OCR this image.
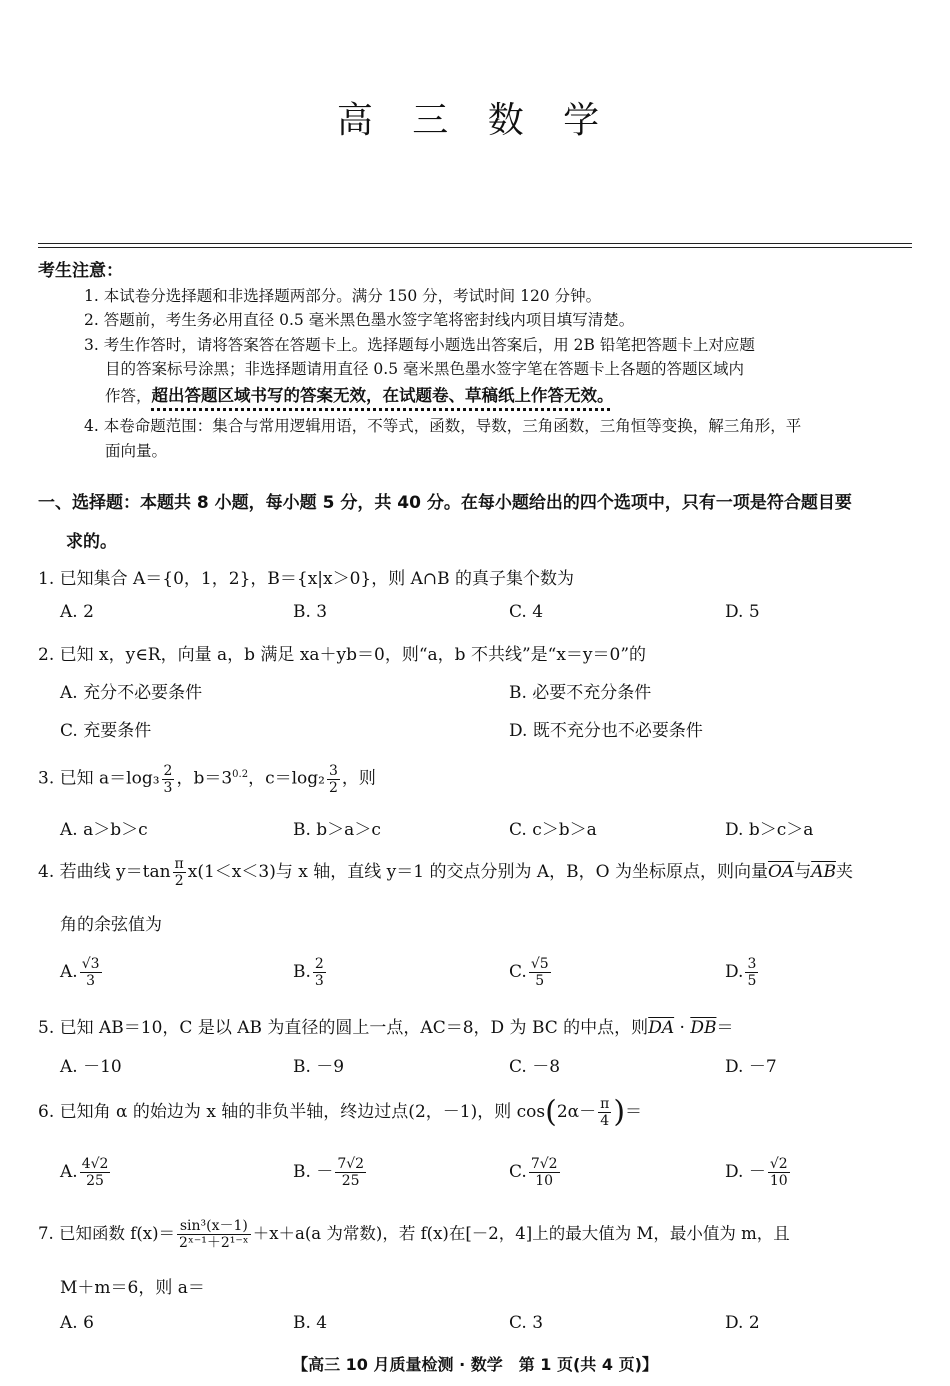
高 三 数 学
考生注意：
1. 本试卷分选择题和非选择题两部分。满分 150 分，考试时间 120 分钟。
2. 答题前，考生务必用直径 0.5 毫米黑色墨水签字笔将密封线内项目填写清楚。
3. 考生作答时，请将答案答在答题卡上。选择题每小题选出答案后，用 2B 铅笔把答题卡上对应题
目的答案标号涂黑；非选择题请用直径 0.5 毫米黑色墨水签字笔在答题卡上各题的答题区域内
作答，超出答题区域书写的答案无效，在试题卷、草稿纸上作答无效。
4. 本卷命题范围：集合与常用逻辑用语，不等式，函数，导数，三角函数，三角恒等变换，解三角形，平
面向量。
一、选择题：本题共 8 小题，每小题 5 分，共 40 分。在每小题给出的四个选项中，只有一项是符合题目要
求的。
1. 已知集合 A＝{0，1，2}，B＝{x|x＞0}，则 A∩B 的真子集个数为
A. 2	B. 3	C. 4	D. 5
2. 已知 x，y∈R，向量 a，b 满足 xa＋yb＝0，则“a，b 不共线”是“x＝y＝0”的
A. 充分不必要条件	B. 必要不充分条件
C. 充要条件	D. 既不充分也不必要条件
3. 已知 $a=\log_3 \frac{2}{3}$ ，$b=3^{0.2}$，$c=\log_2 \frac{3}{2}$ ，则
A. a＞b＞c	B. b＞a＞c	C. c＞b＞a	D. b＞c＞a
4. 若曲线 $y=\tan \frac{\pi}{2} x(1<x<3)$与 x 轴，直线 y＝1 的交点分别为 A，B，O 为坐标原点，则向量$\overline{OA}$与$\overline{AB}$夹
角的余弦值为
A. $\frac{√3}{3}$	B. $\frac{2}{3}$	C. $\frac{√5}{5}$	D. $\frac{3}{5}$
5. 已知 AB＝10，C 是以 AB 为直径的圆上一点，AC＝8，D 为 BC 的中点，则$\overline{DA} \cdot \overline{DB}=$
A. －10	B. －9	C. －8	D. －7
6. 已知角 α 的始边为 x 轴的非负半轴，终边过点(2，－1)，则 $\cos(2\alpha- \frac{\pi}{4}$ )＝
A. $\frac{4√2}{25}$	B. － $\frac{7√2}{25}$	C. $\frac{7√2}{10}$	D. － $\frac{√2}{10}$
7. 已知函数 $f(x)= \frac{\text{sin³(x－1)}}{\text{2ˣ⁻¹＋2¹⁻ˣ}} +x+a(a$ 为常数)，若 f(x)在[－2，4]上的最大值为 M，最小值为 m，且
M＋m＝6，则 a＝
A. 6	B. 4	C. 3	D. 2
【高三 10 月质量检测 · 数学　第 1 页(共 4 页)】
